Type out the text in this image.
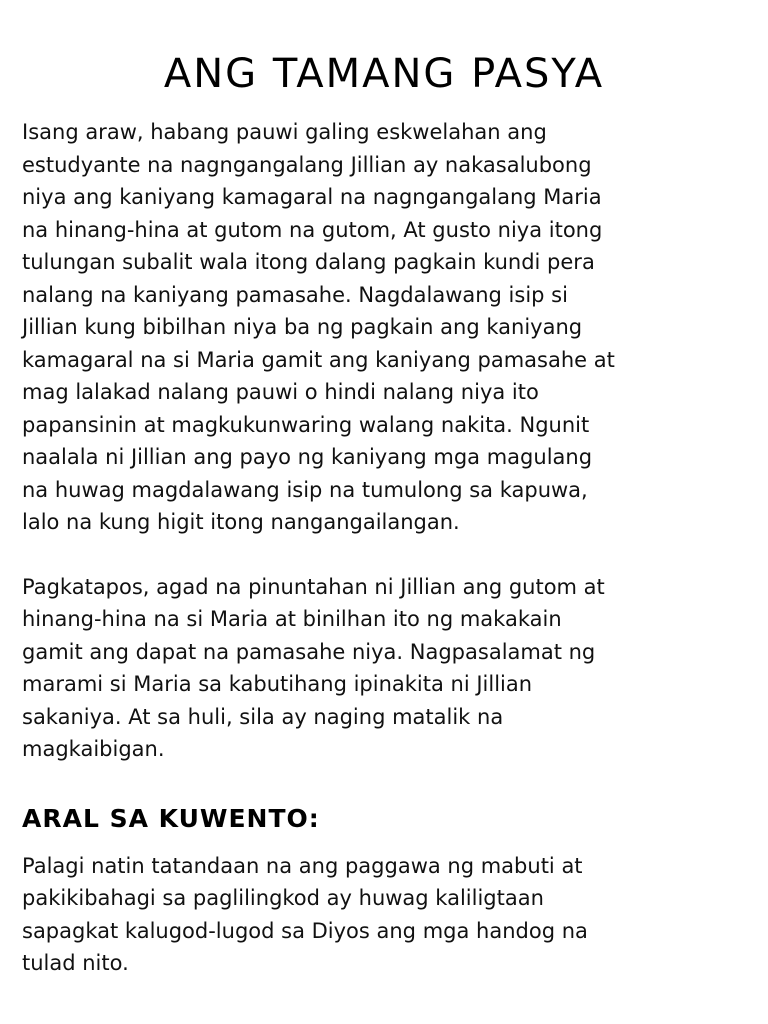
ANG TAMANG PASYA

Isang araw, habang pauwi galing eskwelahan ang
estudyante na nagngangalang Jillian ay nakasalubong
niya ang kaniyang kamagaral na nagngangalang Maria
na hinang-hina at gutom na gutom, At gusto niya itong
tulungan subalit wala itong dalang pagkain kundi pera
nalang na kaniyang pamasahe. Nagdalawang isip si
Jillian kung bibilhan niya ba ng pagkain ang kaniyang
kamagaral na si Maria gamit ang kaniyang pamasahe at
mag lalakad nalang pauwi o hindi nalang niya ito
papansinin at magkukunwaring walang nakita. Ngunit
naalala ni Jillian ang payo ng kaniyang mga magulang
na huwag magdalawang isip na tumulong sa kapuwa,
lalo na kung higit itong nangangailangan.

Pagkatapos, agad na pinuntahan ni Jillian ang gutom at
hinang-hina na si Maria at binilhan ito ng makakain
gamit ang dapat na pamasahe niya. Nagpasalamat ng
marami si Maria sa kabutihang ipinakita ni Jillian
sakaniya. At sa huli, sila ay naging matalik na
magkaibigan.

ARAL SA KUWENTO:

Palagi natin tatandaan na ang paggawa ng mabuti at
pakikibahagi sa paglilingkod ay huwag kaliligtaan
sapagkat kalugod-lugod sa Diyos ang mga handog na
tulad nito.
